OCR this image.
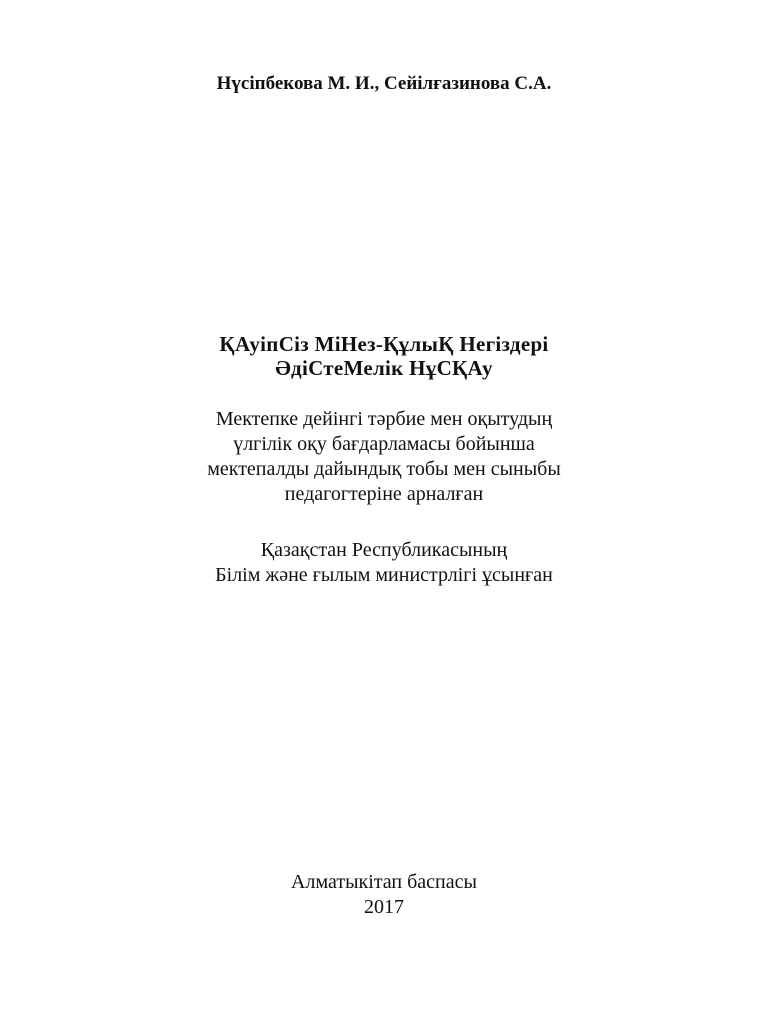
Нүсіпбекова М. И., Сейілғазинова С.А.
ҚАуіпСіз МіНез-ҚұлыҚ Негіздері
ӘдіСтеМелік НұСҚАу
Мектепке дейінгі тәрбие мен оқытудың
үлгілік оқу бағдарламасы бойынша
мектепалды дайындық тобы мен сыныбы
педагогтеріне арналған
Қазақстан Республикасының
Білім және ғылым министрлігі ұсынған
Алматыкітап баспасы
2017
